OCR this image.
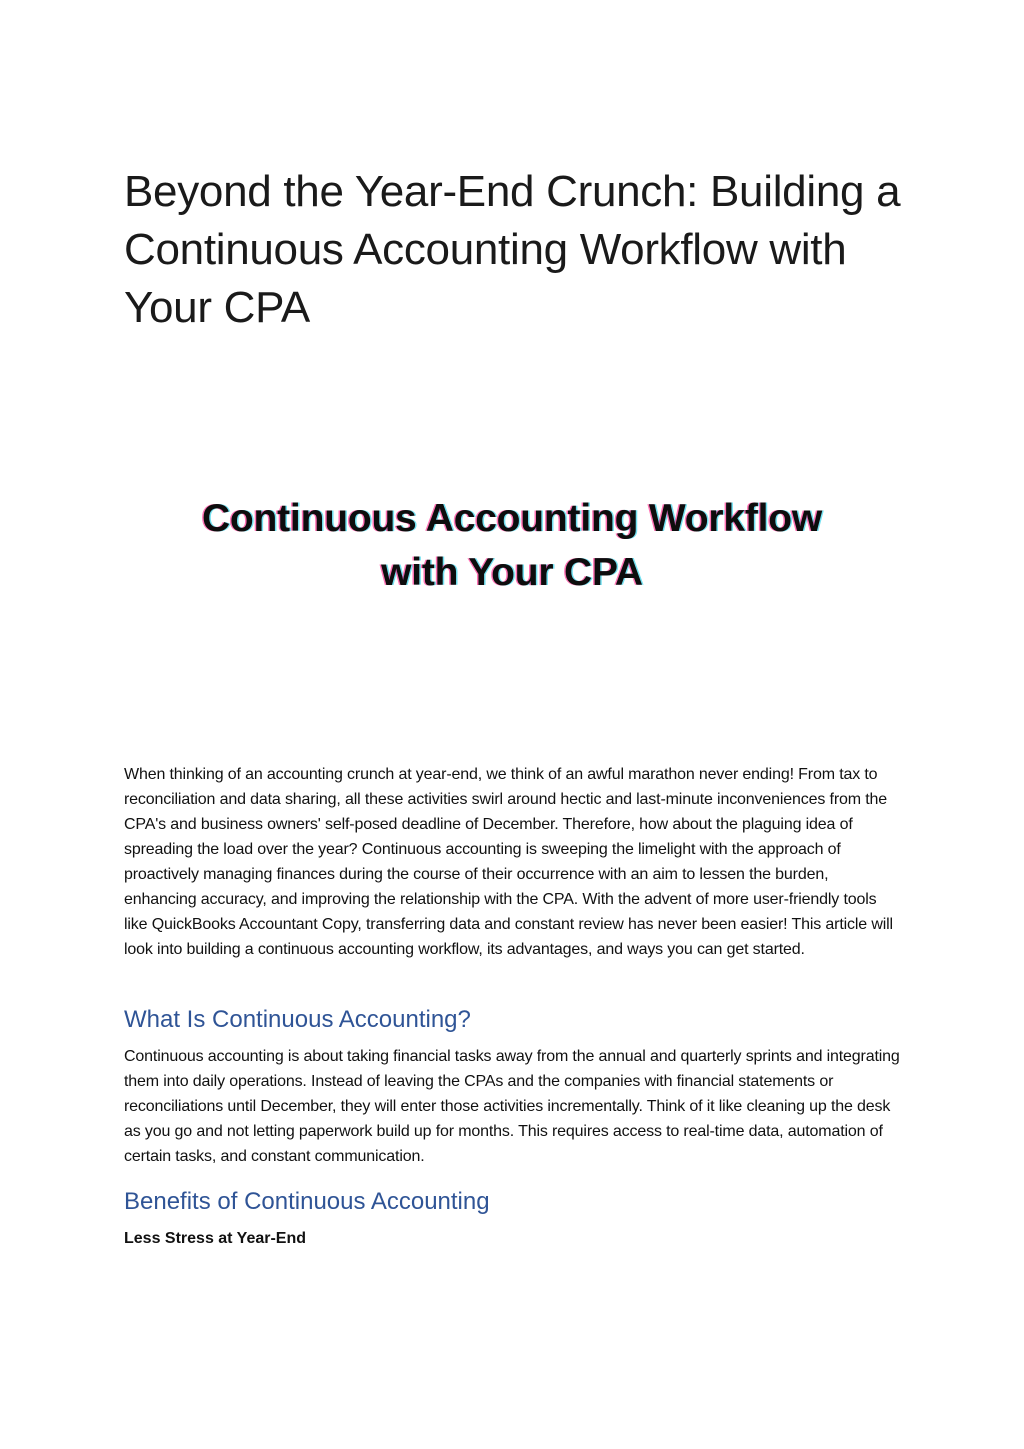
Beyond the Year-End Crunch: Building a Continuous Accounting Workflow with Your CPA

Continuous Accounting Workflow
with Your CPA

When thinking of an accounting crunch at year-end, we think of an awful marathon never ending! From tax to reconciliation and data sharing, all these activities swirl around hectic and last-minute inconveniences from the CPA's and business owners' self-posed deadline of December. Therefore, how about the plaguing idea of spreading the load over the year? Continuous accounting is sweeping the limelight with the approach of proactively managing finances during the course of their occurrence with an aim to lessen the burden, enhancing accuracy, and improving the relationship with the CPA. With the advent of more user-friendly tools like QuickBooks Accountant Copy, transferring data and constant review has never been easier! This article will look into building a continuous accounting workflow, its advantages, and ways you can get started.

What Is Continuous Accounting?

Continuous accounting is about taking financial tasks away from the annual and quarterly sprints and integrating them into daily operations. Instead of leaving the CPAs and the companies with financial statements or reconciliations until December, they will enter those activities incrementally. Think of it like cleaning up the desk as you go and not letting paperwork build up for months. This requires access to real-time data, automation of certain tasks, and constant communication.

Benefits of Continuous Accounting
Less Stress at Year-End
